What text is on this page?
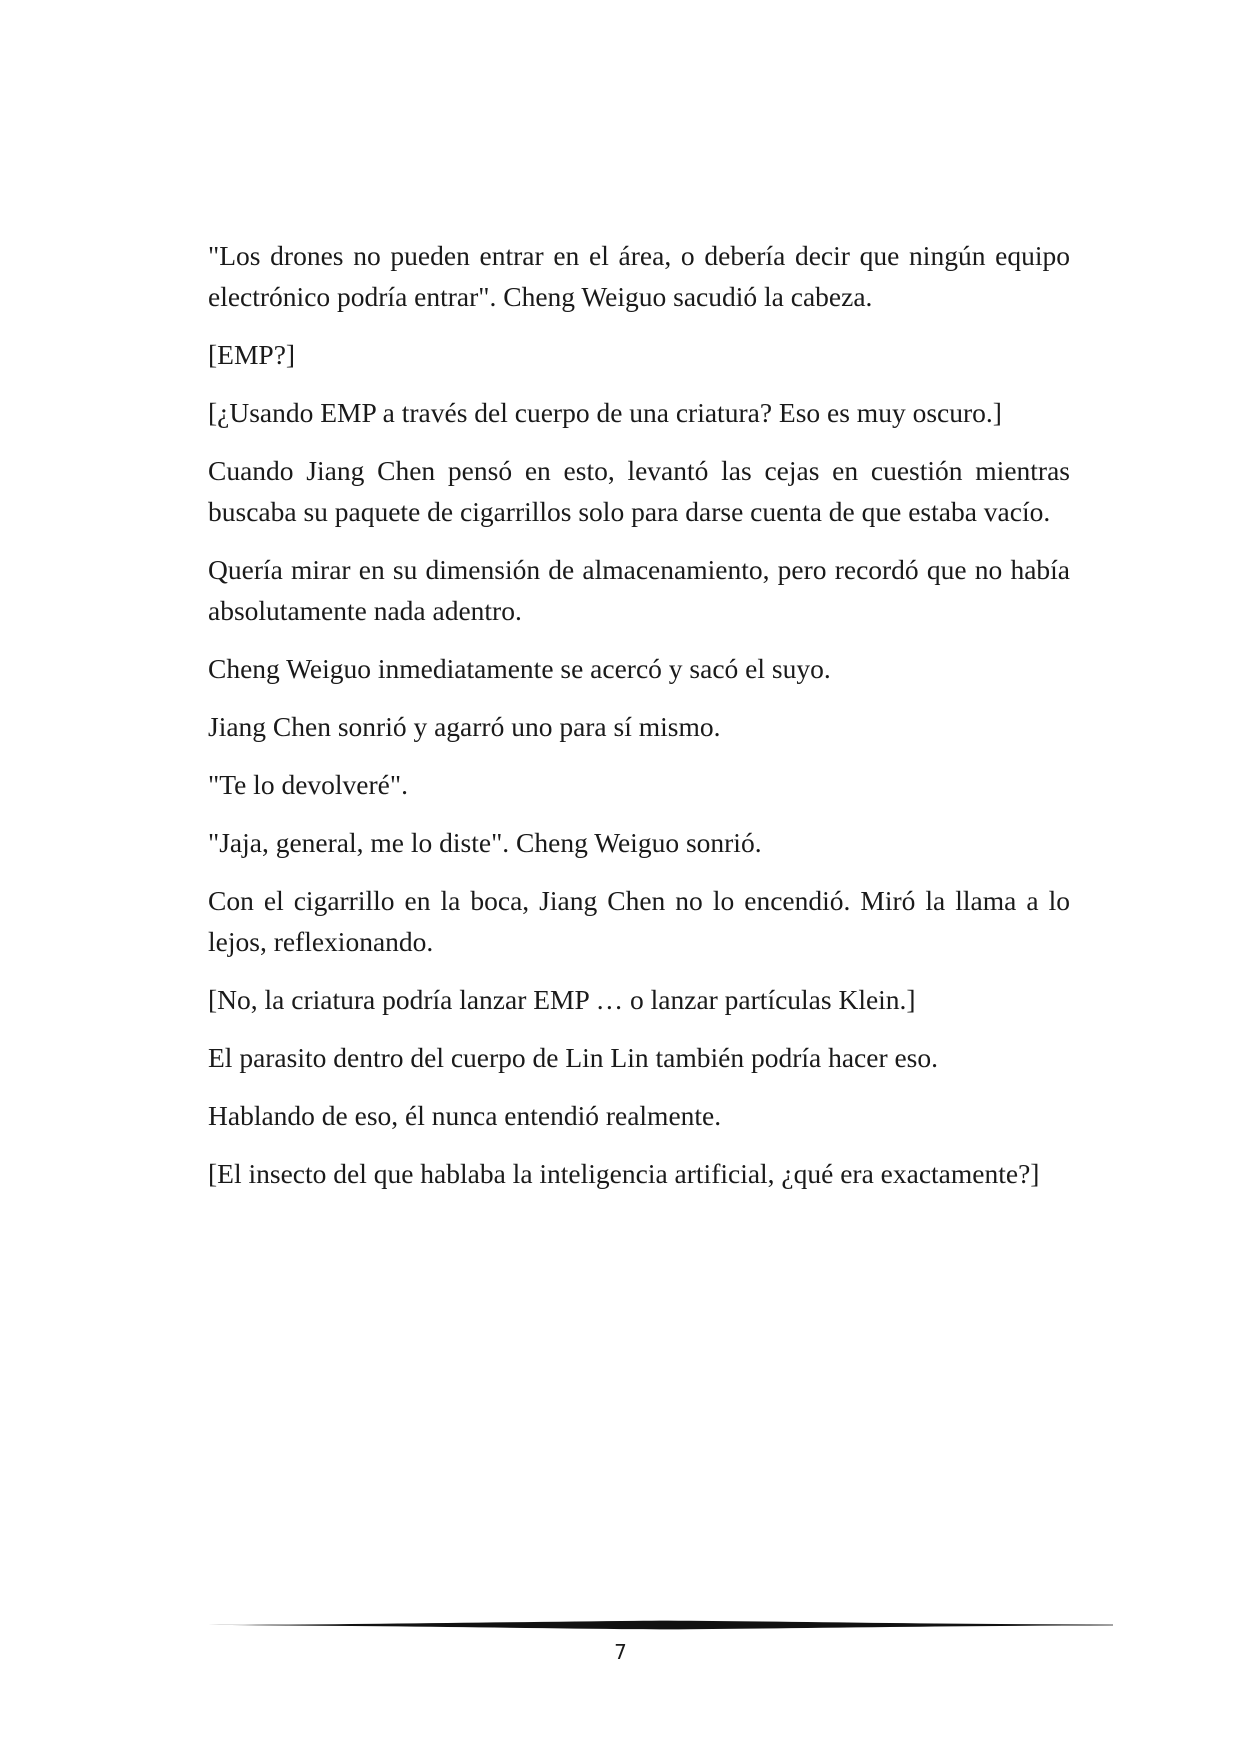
"Los drones no pueden entrar en el área, o debería decir que ningún equipo electrónico podría entrar". Cheng Weiguo sacudió la cabeza.

[EMP?]

[¿Usando EMP a través del cuerpo de una criatura? Eso es muy oscuro.]

Cuando Jiang Chen pensó en esto, levantó las cejas en cuestión mientras buscaba su paquete de cigarrillos solo para darse cuenta de que estaba vacío.

Quería mirar en su dimensión de almacenamiento, pero recordó que no había absolutamente nada adentro.

Cheng Weiguo inmediatamente se acercó y sacó el suyo.

Jiang Chen sonrió y agarró uno para sí mismo.

"Te lo devolveré".

"Jaja, general, me lo diste". Cheng Weiguo sonrió.

Con el cigarrillo en la boca, Jiang Chen no lo encendió. Miró la llama a lo lejos, reflexionando.

[No, la criatura podría lanzar EMP … o lanzar partículas Klein.]

El parasito dentro del cuerpo de Lin Lin también podría hacer eso.

Hablando de eso, él nunca entendió realmente.

[El insecto del que hablaba la inteligencia artificial, ¿qué era exactamente?]

7
